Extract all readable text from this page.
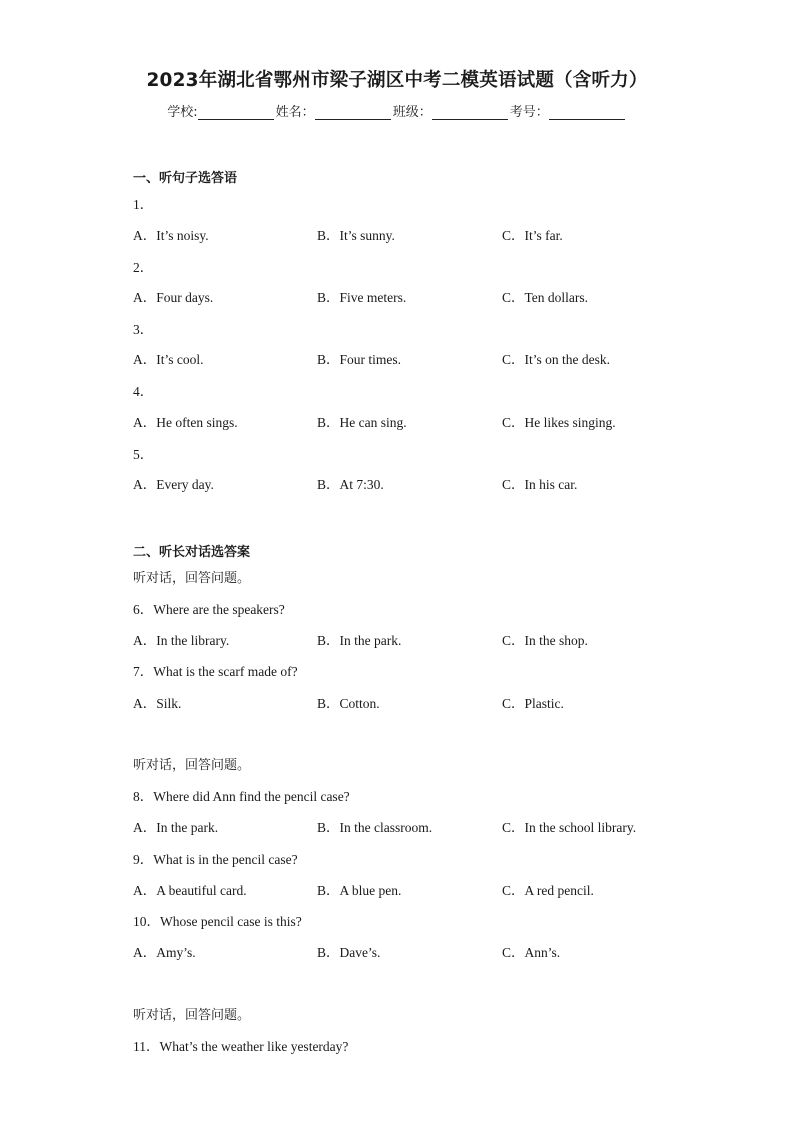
2023年湖北省鄂州市梁子湖区中考二模英语试题（含听力）
学校:	姓名：	班级：	考号：
一、听句子选答语
1．
A．It’s noisy.	B．It’s sunny.	C．It’s far.
2．
A．Four days.	B．Five meters.	C．Ten dollars.
3．
A．It’s cool.	B．Four times.	C．It’s on the desk.
4．
A．He often sings.	B．He can sing.	C．He likes singing.
5．
A．Every day.	B．At 7:30.	C．In his car.
二、听长对话选答案
听对话，回答问题。
6．Where are the speakers?
A．In the library.	B．In the park.	C．In the shop.
7．What is the scarf made of?
A．Silk.	B．Cotton.	C．Plastic.
听对话，回答问题。
8．Where did Ann find the pencil case?
A．In the park.	B．In the classroom.	C．In the school library.
9．What is in the pencil case?
A．A beautiful card.	B．A blue pen.	C．A red pencil.
10．Whose pencil case is this?
A．Amy’s.	B．Dave’s.	C．Ann’s.
听对话，回答问题。
11．What’s the weather like yesterday?
